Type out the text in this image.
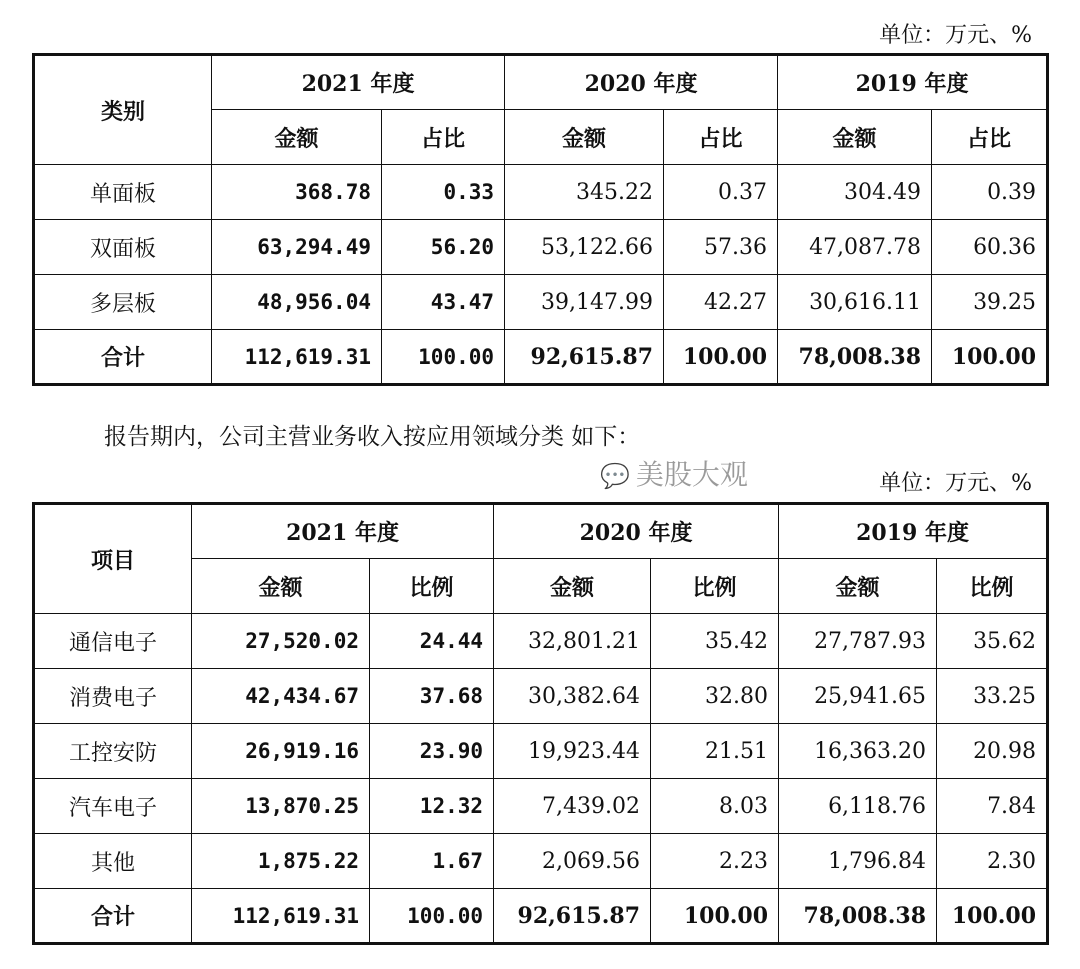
单位：万元、%
类别	2021 年度		2020 年度		2019 年度	
	金额	占比	金额	占比	金额	占比
单面板	368.78	0.33	345.22	0.37	304.49	0.39
双面板	63,294.49	56.20	53,122.66	57.36	47,087.78	60.36
多层板	48,956.04	43.47	39,147.99	42.27	30,616.11	39.25
合计	112,619.31	100.00	92,615.87	100.00	78,008.38	100.00
报告期内，公司主营业务收入按应用领域分类 如下：
💬 美股大观	单位：万元、%
项目	2021 年度		2020 年度		2019 年度	
	金额	比例	金额	比例	金额	比例
通信电子	27,520.02	24.44	32,801.21	35.42	27,787.93	35.62
消费电子	42,434.67	37.68	30,382.64	32.80	25,941.65	33.25
工控安防	26,919.16	23.90	19,923.44	21.51	16,363.20	20.98
汽车电子	13,870.25	12.32	7,439.02	8.03	6,118.76	7.84
其他	1,875.22	1.67	2,069.56	2.23	1,796.84	2.30
合计	112,619.31	100.00	92,615.87	100.00	78,008.38	100.00
